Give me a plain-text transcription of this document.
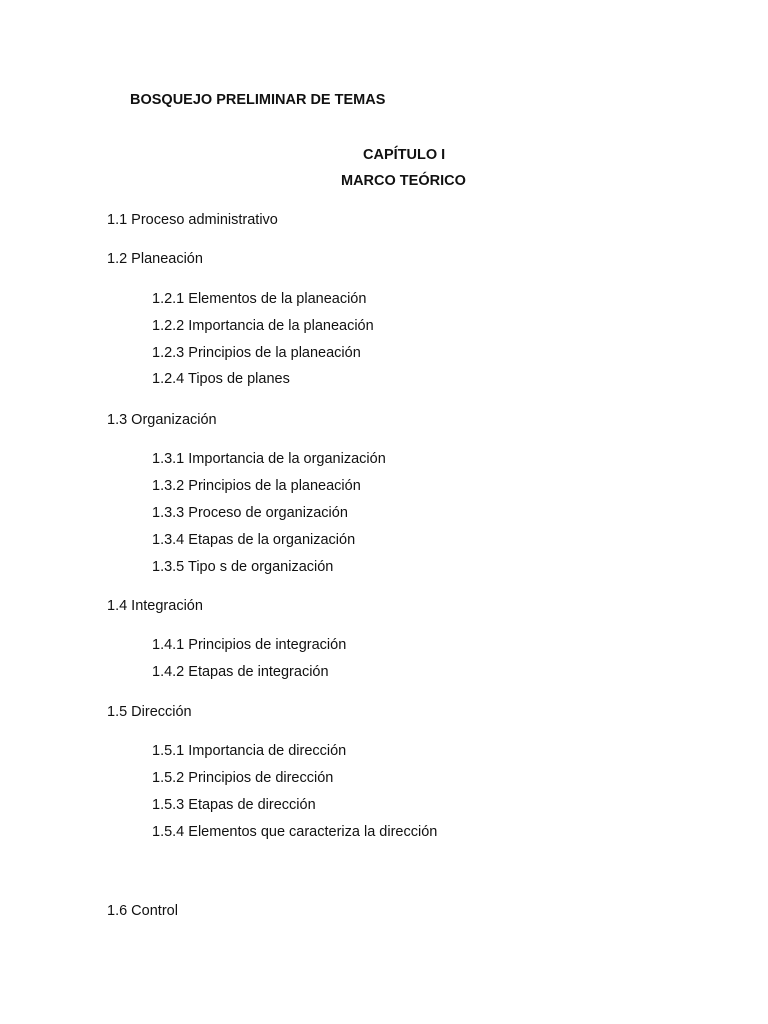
BOSQUEJO PRELIMINAR DE TEMAS
CAPÍTULO I
MARCO TEÓRICO
1.1 Proceso administrativo
1.2 Planeación
1.2.1 Elementos de la planeación
1.2.2 Importancia de la planeación
1.2.3 Principios de la planeación
1.2.4 Tipos de planes
1.3 Organización
1.3.1 Importancia de la organización
1.3.2 Principios de la planeación
1.3.3 Proceso de organización
1.3.4 Etapas de la organización
1.3.5 Tipo s de organización
1.4 Integración
1.4.1 Principios de integración
1.4.2 Etapas de integración
1.5 Dirección
1.5.1 Importancia de dirección
1.5.2 Principios de dirección
1.5.3 Etapas de dirección
1.5.4 Elementos que caracteriza la dirección
1.6 Control
